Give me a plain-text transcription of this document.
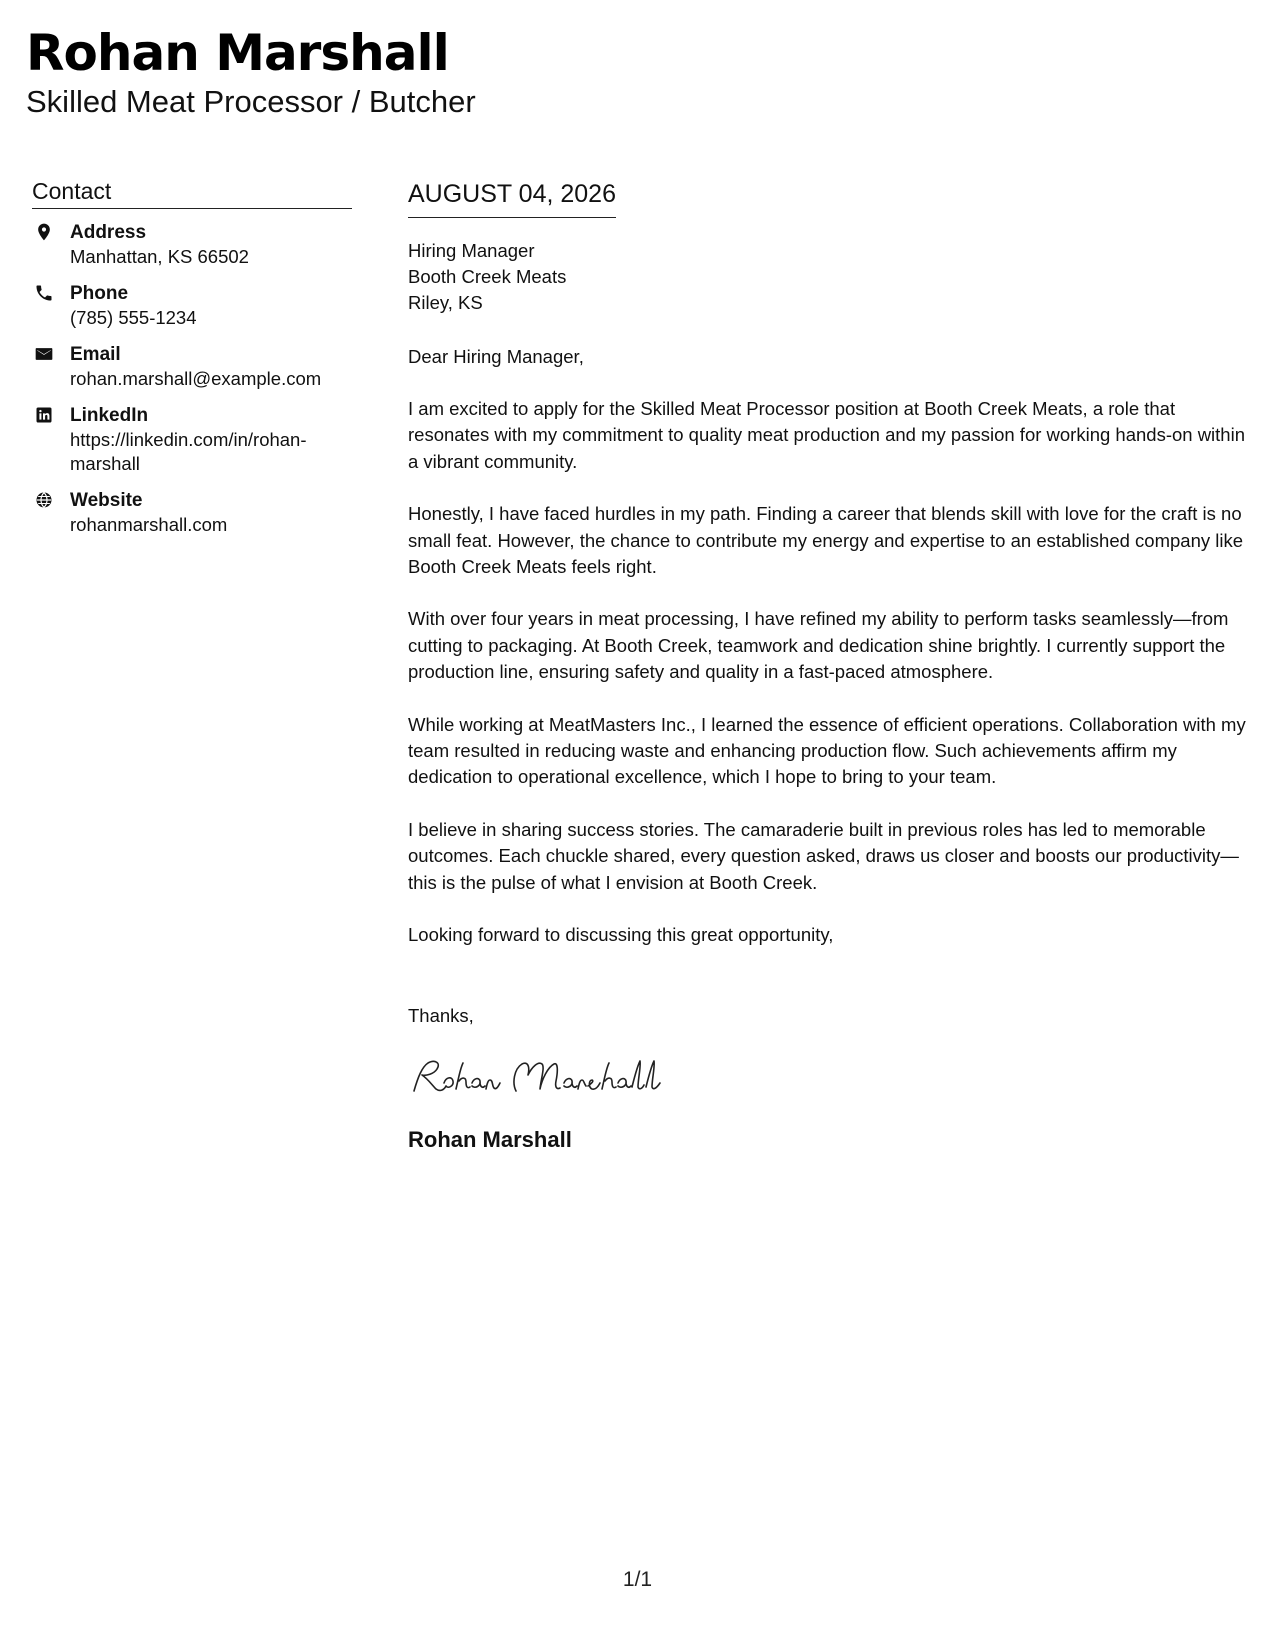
Rohan Marshall
Skilled Meat Processor / Butcher
Contact
Address
Manhattan, KS 66502
Phone
(785) 555-1234
Email
rohan.marshall@example.com
LinkedIn
https://linkedin.com/in/rohan-marshall
Website
rohanmarshall.com
AUGUST 04, 2026
Hiring Manager
Booth Creek Meats
Riley, KS
Dear Hiring Manager,

I am excited to apply for the Skilled Meat Processor position at Booth Creek Meats, a role that resonates with my commitment to quality meat production and my passion for working hands-on within a vibrant community.

Honestly, I have faced hurdles in my path. Finding a career that blends skill with love for the craft is no small feat. However, the chance to contribute my energy and expertise to an established company like Booth Creek Meats feels right.

With over four years in meat processing, I have refined my ability to perform tasks seamlessly—from cutting to packaging. At Booth Creek, teamwork and dedication shine brightly. I currently support the production line, ensuring safety and quality in a fast-paced atmosphere.

While working at MeatMasters Inc., I learned the essence of efficient operations. Collaboration with my team resulted in reducing waste and enhancing production flow. Such achievements affirm my dedication to operational excellence, which I hope to bring to your team.

I believe in sharing success stories. The camaraderie built in previous roles has led to memorable outcomes. Each chuckle shared, every question asked, draws us closer and boosts our productivity—this is the pulse of what I envision at Booth Creek.

Looking forward to discussing this great opportunity,

Thanks,
Rohan Marshall
1/1
